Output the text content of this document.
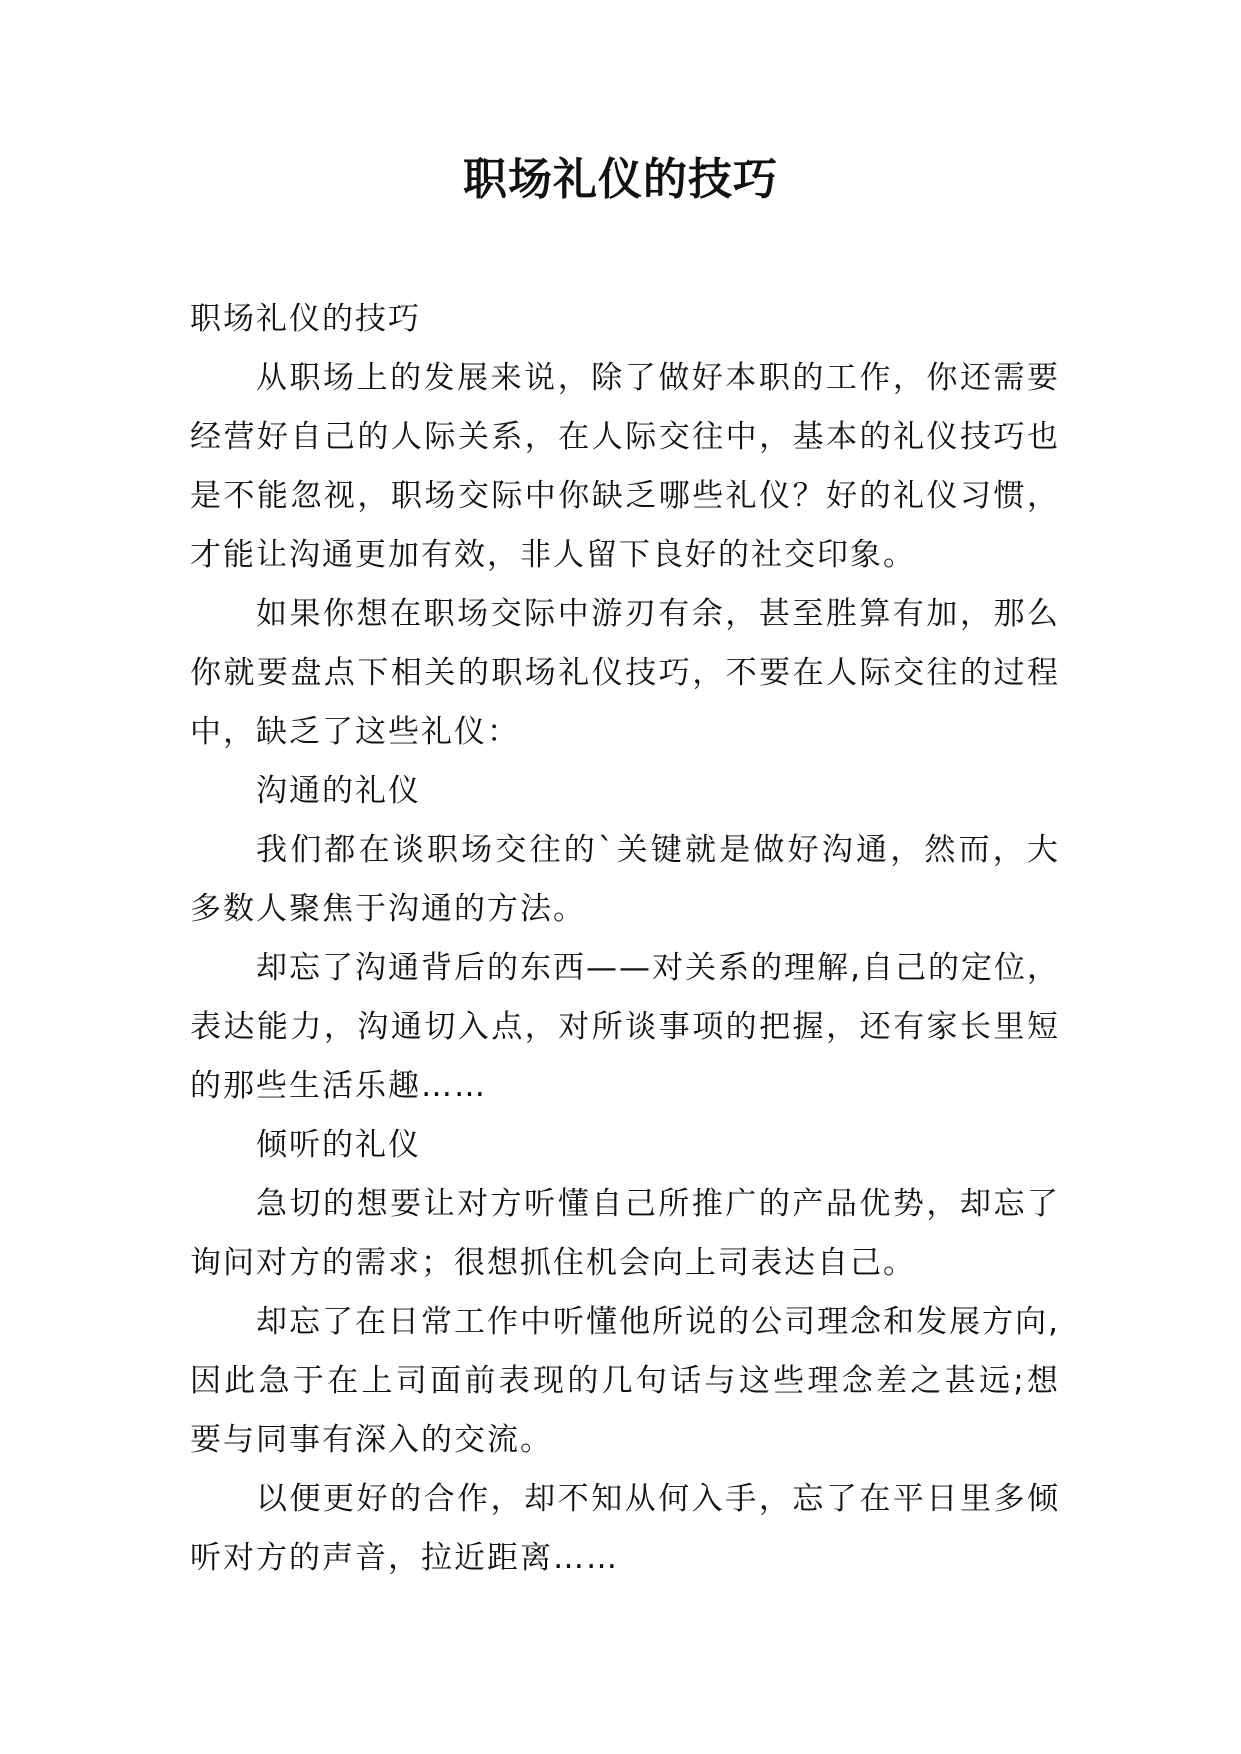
职场礼仪的技巧

职场礼仪的技巧

从职场上的发展来说，除了做好本职的工作，你还需要经营好自己的人际关系，在人际交往中，基本的礼仪技巧也是不能忽视，职场交际中你缺乏哪些礼仪？好的礼仪习惯，才能让沟通更加有效，非人留下良好的社交印象。

如果你想在职场交际中游刃有余，甚至胜算有加，那么你就要盘点下相关的职场礼仪技巧，不要在人际交往的过程中，缺乏了这些礼仪：

沟通的礼仪

我们都在谈职场交往的`关键就是做好沟通，然而，大多数人聚焦于沟通的方法。

却忘了沟通背后的东西——对关系的理解,自己的定位，表达能力，沟通切入点，对所谈事项的把握，还有家长里短的那些生活乐趣……

倾听的礼仪

急切的想要让对方听懂自己所推广的产品优势，却忘了询问对方的需求；很想抓住机会向上司表达自己。

却忘了在日常工作中听懂他所说的公司理念和发展方向,因此急于在上司面前表现的几句话与这些理念差之甚远;想要与同事有深入的交流。

以便更好的合作，却不知从何入手，忘了在平日里多倾听对方的声音，拉近距离……
